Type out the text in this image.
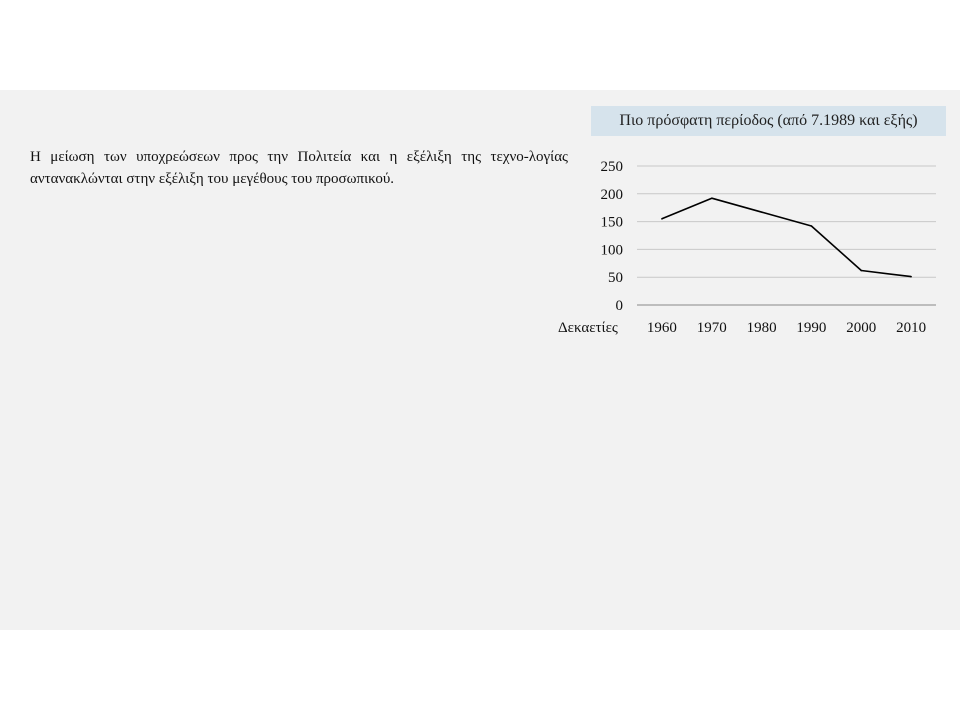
Η μείωση των υποχρεώσεων προς την Πολιτεία και η εξέλιξη της τεχνο-λογίας αντανακλώνται στην εξέλιξη του μεγέθους του προσωπικού.
Πιο πρόσφατη περίοδος (από 7.1989 και εξής)
0
50
100
150
200
250
1960 1970 1980 1990 2000 2010
Δεκαετίες
